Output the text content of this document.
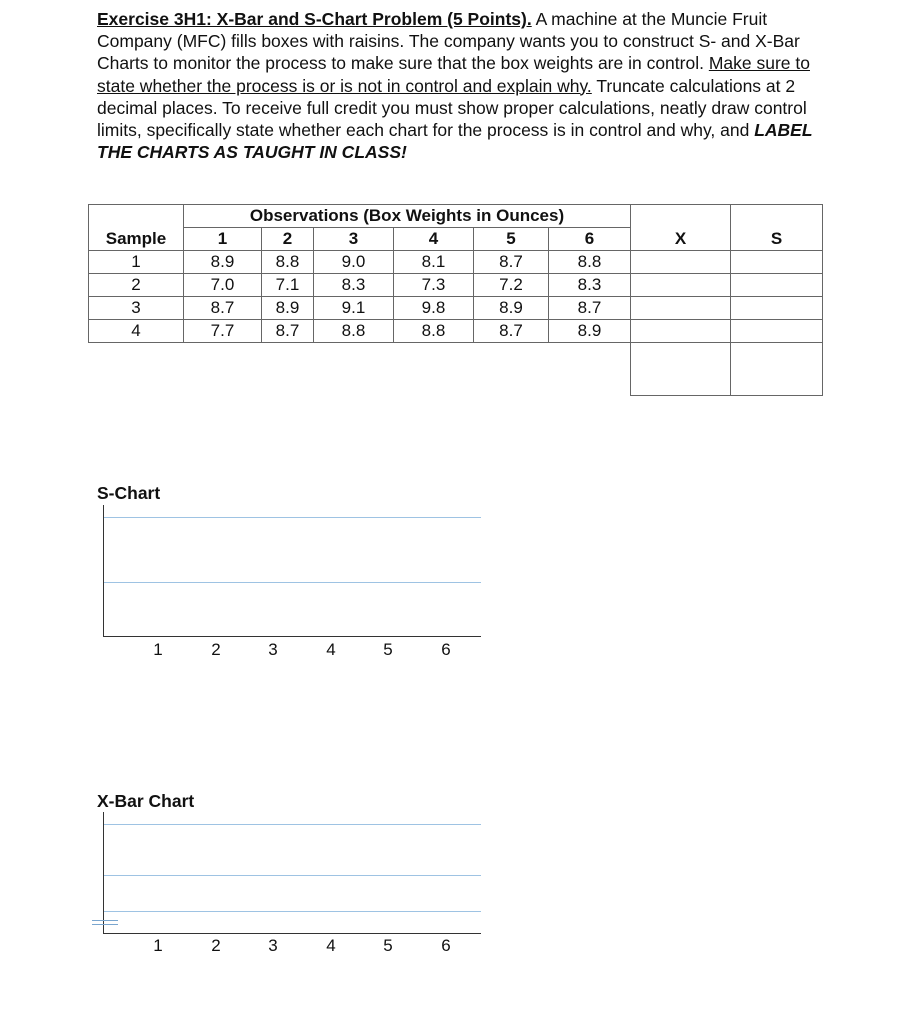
Exercise 3H1: X-Bar and S-Chart Problem (5 Points). A machine at the Muncie Fruit Company (MFC) fills boxes with raisins. The company wants you to construct S- and X-Bar Charts to monitor the process to make sure that the box weights are in control. Make sure to state whether the process is or is not in control and explain why. Truncate calculations at 2 decimal places. To receive full credit you must show proper calculations, neatly draw control limits, specifically state whether each chart for the process is in control and why, and LABEL THE CHARTS AS TAUGHT IN CLASS!
	Observations (Box Weights in Ounces)							
Sample	1	2	3	4	5	6	X	S
1	8.9	8.8	9.0	8.1	8.7	8.8		
2	7.0	7.1	8.3	7.3	7.2	8.3		
3	8.7	8.9	9.1	9.8	8.9	8.7		
4	7.7	8.7	8.8	8.8	8.7	8.9		

S-Chart
1	2	3	4	5	6
X-Bar Chart
1	2	3	4	5	6
